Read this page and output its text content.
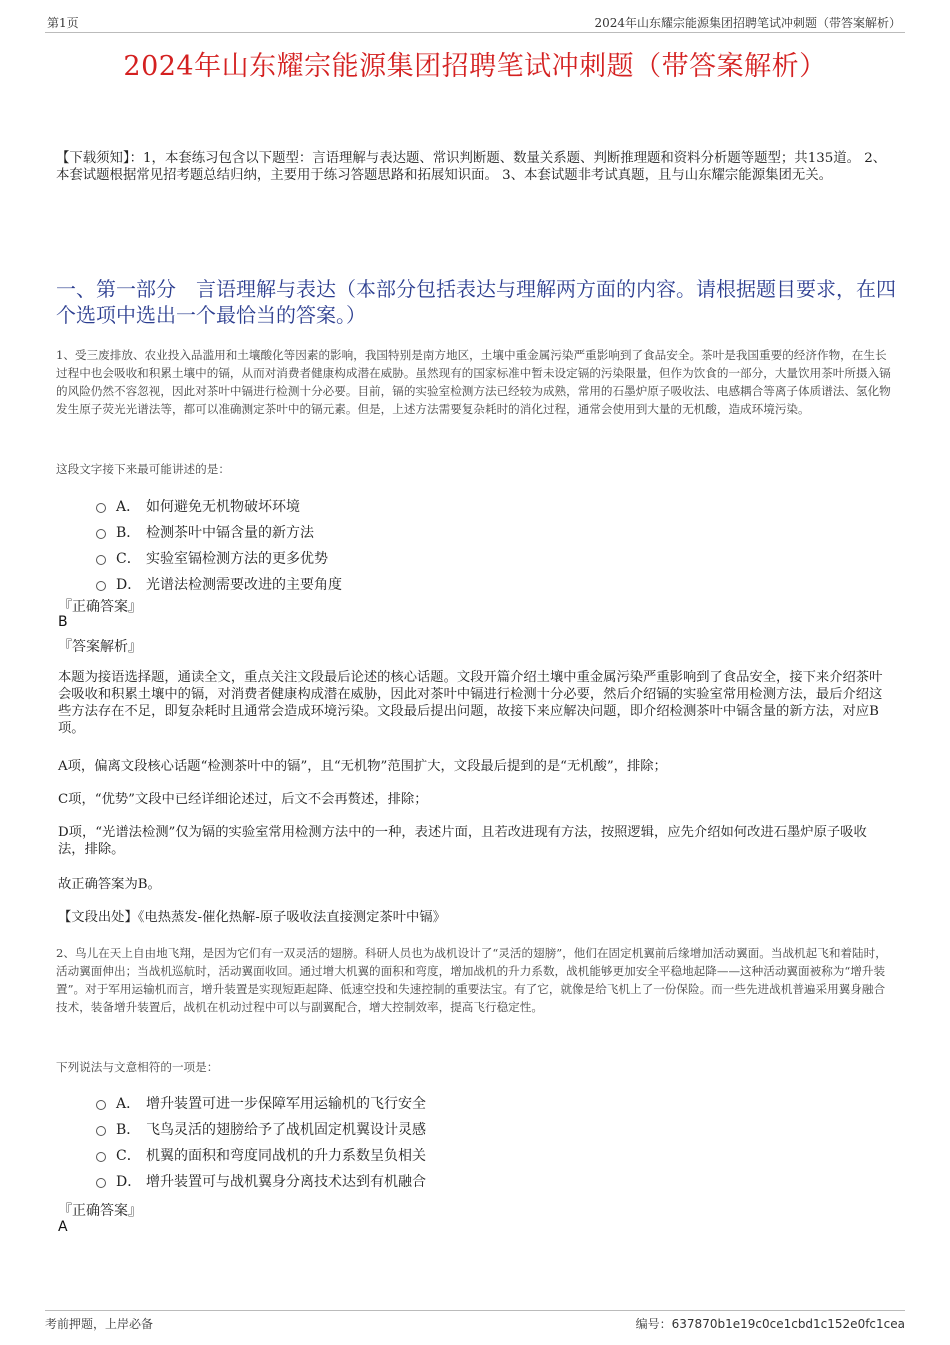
第1页	2024年山东耀宗能源集团招聘笔试冲刺题（带答案解析）
2024年山东耀宗能源集团招聘笔试冲刺题（带答案解析）
【下载须知】：1，本套练习包含以下题型：言语理解与表达题、常识判断题、数量关系题、判断推理题和资料分析题等题型；共135道。 2、本套试题根据常见招考题总结归纳，主要用于练习答题思路和拓展知识面。 3、本套试题非考试真题，且与山东耀宗能源集团无关。
一、第一部分　言语理解与表达（本部分包括表达与理解两方面的内容。请根据题目要求，在四个选项中选出一个最恰当的答案。）
1、受三废排放、农业投入品滥用和土壤酸化等因素的影响，我国特别是南方地区，土壤中重金属污染严重影响到了食品安全。茶叶是我国重要的经济作物，在生长过程中也会吸收和积累土壤中的镉，从而对消费者健康构成潜在威胁。虽然现有的国家标准中暂未设定镉的污染限量，但作为饮食的一部分，大量饮用茶叶所摄入镉的风险仍然不容忽视，因此对茶叶中镉进行检测十分必要。目前，镉的实验室检测方法已经较为成熟，常用的石墨炉原子吸收法、电感耦合等离子体质谱法、氢化物发生原子荧光光谱法等，都可以准确测定茶叶中的镉元素。但是，上述方法需要复杂耗时的消化过程，通常会使用到大量的无机酸，造成环境污染。
这段文字接下来最可能讲述的是：
A． 如何避免无机物破坏环境
B． 检测茶叶中镉含量的新方法
C． 实验室镉检测方法的更多优势
D． 光谱法检测需要改进的主要角度
『正确答案』
B
『答案解析』
本题为接语选择题，通读全文，重点关注文段最后论述的核心话题。文段开篇介绍土壤中重金属污染严重影响到了食品安全，接下来介绍茶叶会吸收和积累土壤中的镉，对消费者健康构成潜在威胁，因此对茶叶中镉进行检测十分必要，然后介绍镉的实验室常用检测方法，最后介绍这些方法存在不足，即复杂耗时且通常会造成环境污染。文段最后提出问题，故接下来应解决问题，即介绍检测茶叶中镉含量的新方法，对应B项。
A项，偏离文段核心话题“检测茶叶中的镉”，且“无机物”范围扩大，文段最后提到的是“无机酸”，排除；
C项，“优势”文段中已经详细论述过，后文不会再赘述，排除；
D项，“光谱法检测”仅为镉的实验室常用检测方法中的一种，表述片面，且若改进现有方法，按照逻辑，应先介绍如何改进石墨炉原子吸收法，排除。
故正确答案为B。
【文段出处】《电热蒸发-催化热解-原子吸收法直接测定茶叶中镉》
2、鸟儿在天上自由地飞翔，是因为它们有一双灵活的翅膀。科研人员也为战机设计了“灵活的翅膀”，他们在固定机翼前后缘增加活动翼面。当战机起飞和着陆时，活动翼面伸出；当战机巡航时，活动翼面收回。通过增大机翼的面积和弯度，增加战机的升力系数，战机能够更加安全平稳地起降——这种活动翼面被称为“增升装置”。对于军用运输机而言，增升装置是实现短距起降、低速空投和失速控制的重要法宝。有了它，就像是给飞机上了一份保险。而一些先进战机普遍采用翼身融合技术，装备增升装置后，战机在机动过程中可以与副翼配合，增大控制效率，提高飞行稳定性。
下列说法与文意相符的一项是：
A． 增升装置可进一步保障军用运输机的飞行安全
B． 飞鸟灵活的翅膀给予了战机固定机翼设计灵感
C． 机翼的面积和弯度同战机的升力系数呈负相关
D． 增升装置可与战机翼身分离技术达到有机融合
『正确答案』
A
考前押题，上岸必备	编号：637870b1e19c0ce1cbd1c152e0fc1cea
